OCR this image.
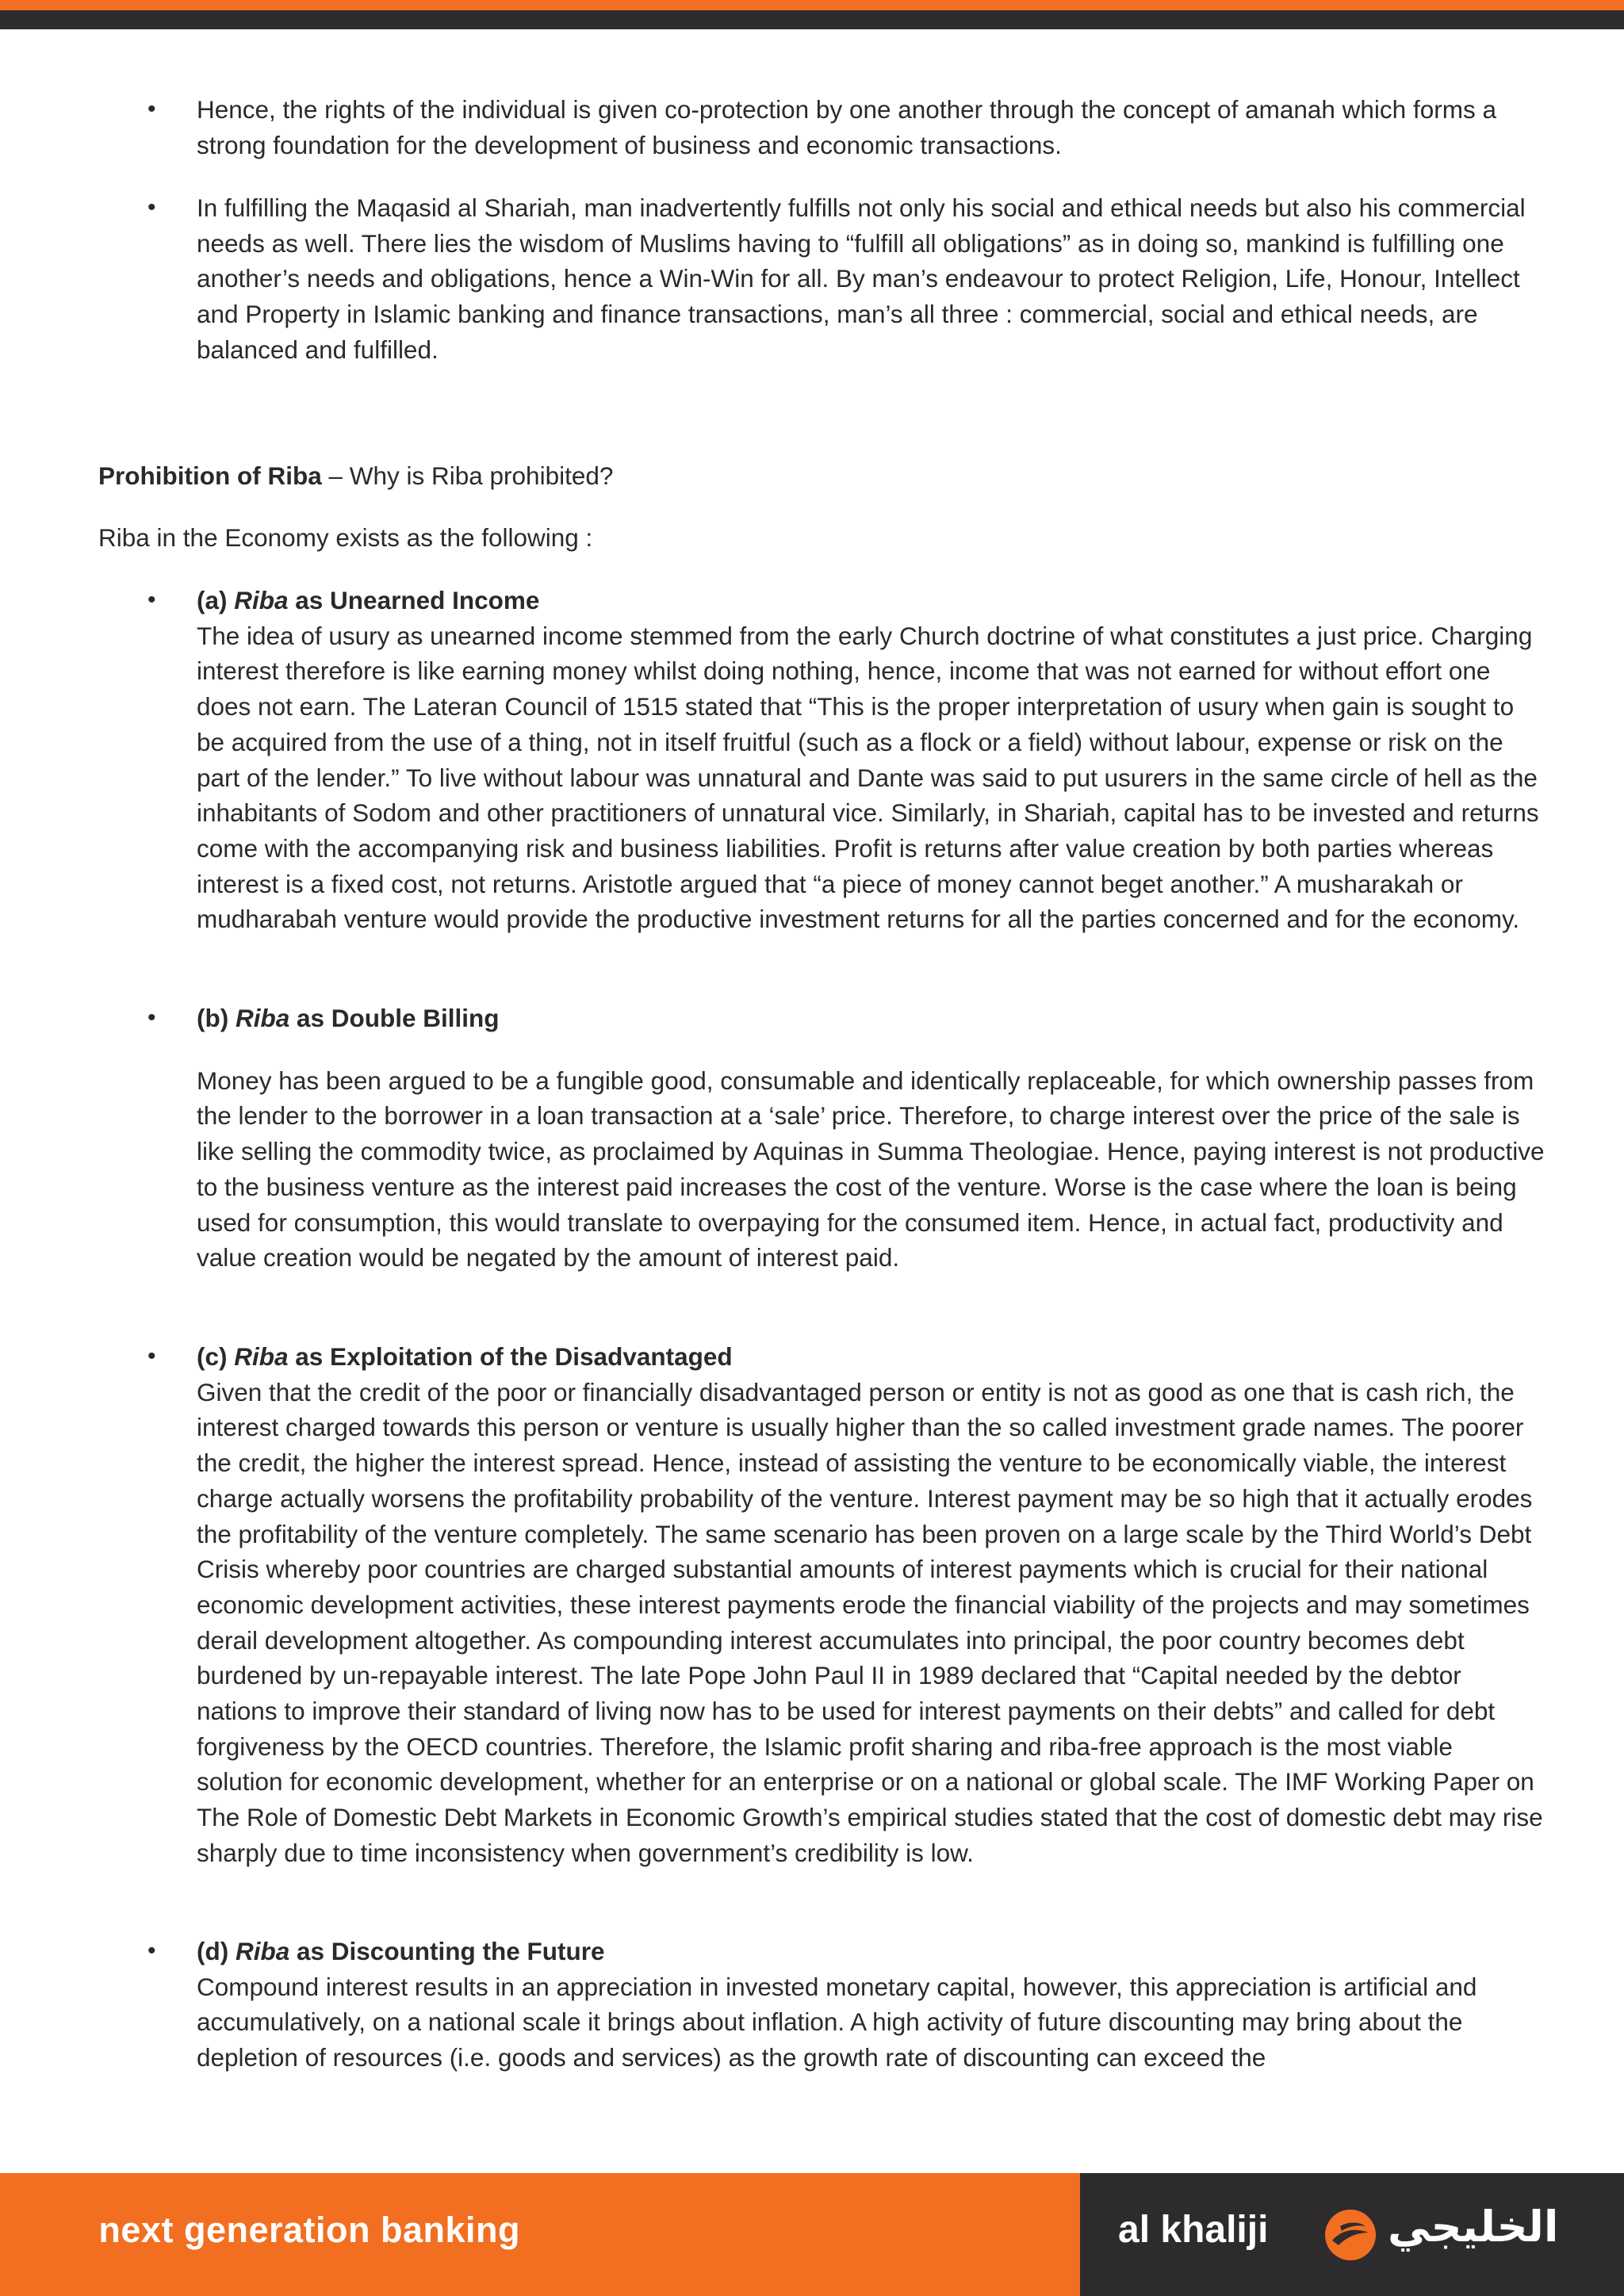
• Hence, the rights of the individual is given co-protection by one another through the concept of amanah which forms a strong foundation for the development of business and economic transactions.

• In fulfilling the Maqasid al Shariah, man inadvertently fulfills not only his social and ethical needs but also his commercial needs as well. There lies the wisdom of Muslims having to “fulfill all obligations” as in doing so, mankind is fulfilling one another’s needs and obligations, hence a Win-Win for all. By man’s endeavour to protect Religion, Life, Honour, Intellect and Property in Islamic banking and finance transactions, man’s all three : commercial, social and ethical needs, are balanced and fulfilled.

Prohibition of Riba – Why is Riba prohibited?

Riba in the Economy exists as the following :

• (a) Riba as Unearned Income
The idea of usury as unearned income stemmed from the early Church doctrine of what constitutes a just price. Charging interest therefore is like earning money whilst doing nothing, hence, income that was not earned for without effort one does not earn. The Lateran Council of 1515 stated that “This is the proper interpretation of usury when gain is sought to be acquired from the use of a thing, not in itself fruitful (such as a flock or a field) without labour, expense or risk on the part of the lender.” To live without labour was unnatural and Dante was said to put usurers in the same circle of hell as the inhabitants of Sodom and other practitioners of unnatural vice. Similarly, in Shariah, capital has to be invested and returns come with the accompanying risk and business liabilities. Profit is returns after value creation by both parties whereas interest is a fixed cost, not returns. Aristotle argued that “a piece of money cannot beget another.” A musharakah or mudharabah venture would provide the productive investment returns for all the parties concerned and for the economy.
• (b) Riba as Double Billing
Money has been argued to be a fungible good, consumable and identically replaceable, for which ownership passes from the lender to the borrower in a loan transaction at a ‘sale’ price. Therefore, to charge interest over the price of the sale is like selling the commodity twice, as proclaimed by Aquinas in Summa Theologiae. Hence, paying interest is not productive to the business venture as the interest paid increases the cost of the venture. Worse is the case where the loan is being used for consumption, this would translate to overpaying for the consumed item. Hence, in actual fact, productivity and value creation would be negated by the amount of interest paid.
• (c) Riba as Exploitation of the Disadvantaged
Given that the credit of the poor or financially disadvantaged person or entity is not as good as one that is cash rich, the interest charged towards this person or venture is usually higher than the so called investment grade names. The poorer the credit, the higher the interest spread. Hence, instead of assisting the venture to be economically viable, the interest charge actually worsens the profitability probability of the venture. Interest payment may be so high that it actually erodes the profitability of the venture completely. The same scenario has been proven on a large scale by the Third World’s Debt Crisis whereby poor countries are charged substantial amounts of interest payments which is crucial for their national economic development activities, these interest payments erode the financial viability of the projects and may sometimes derail development altogether. As compounding interest accumulates into principal, the poor country becomes debt burdened by un-repayable interest. The late Pope John Paul II in 1989 declared that “Capital needed by the debtor nations to improve their standard of living now has to be used for interest payments on their debts” and called for debt forgiveness by the OECD countries. Therefore, the Islamic profit sharing and riba-free approach is the most viable solution for economic development, whether for an enterprise or on a national or global scale. The IMF Working Paper on The Role of Domestic Debt Markets in Economic Growth’s empirical studies stated that the cost of domestic debt may rise sharply due to time inconsistency when government’s credibility is low.
• (d) Riba as Discounting the Future
Compound interest results in an appreciation in invested monetary capital, however, this appreciation is artificial and accumulatively, on a national scale it brings about inflation. A high activity of future discounting may bring about the depletion of resources (i.e. goods and services) as the growth rate of discounting can exceed the
next generation banking	al khaliji	الخليجي
